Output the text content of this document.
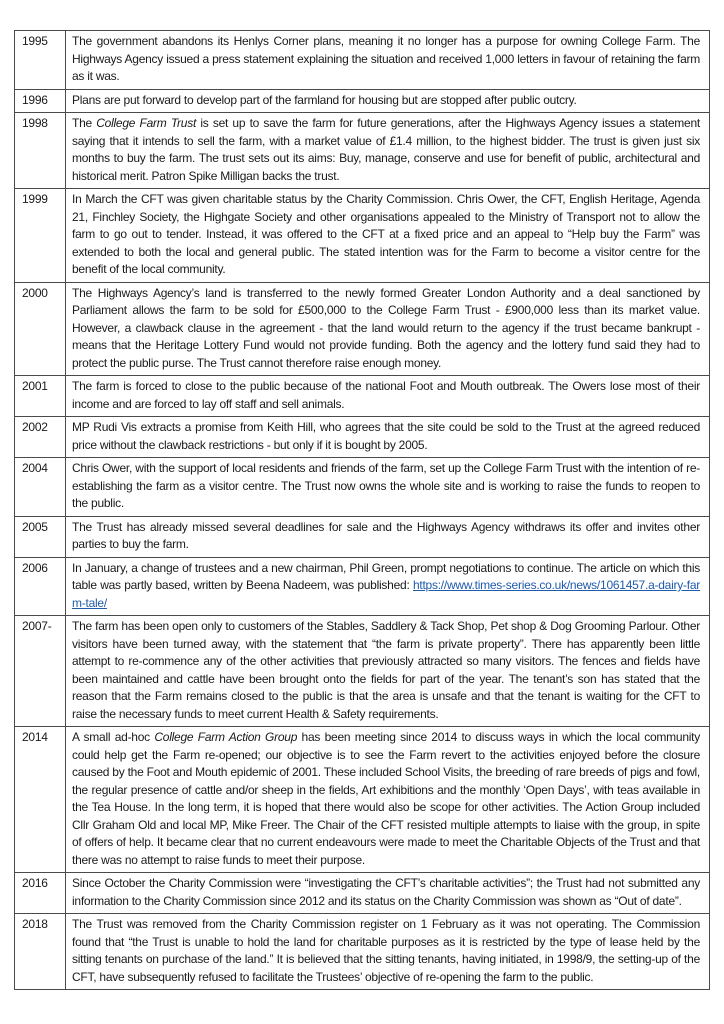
1995	The government abandons its Henlys Corner plans, meaning it no longer has a purpose for owning College Farm. The Highways Agency issued a press statement explaining the situation and received 1,000 letters in favour of retaining the farm as it was.
1996	Plans are put forward to develop part of the farmland for housing but are stopped after public outcry.
1998	The College Farm Trust is set up to save the farm for future generations, after the Highways Agency issues a statement saying that it intends to sell the farm, with a market value of £1.4 million, to the highest bidder. The trust is given just six months to buy the farm. The trust sets out its aims: Buy, manage, conserve and use for benefit of public, architectural and historical merit. Patron Spike Milligan backs the trust.
1999	In March the CFT was given charitable status by the Charity Commission. Chris Ower, the CFT, English Heritage, Agenda 21, Finchley Society, the Highgate Society and other organisations appealed to the Ministry of Transport not to allow the farm to go out to tender. Instead, it was offered to the CFT at a fixed price and an appeal to “Help buy the Farm” was extended to both the local and general public. The stated intention was for the Farm to become a visitor centre for the benefit of the local community.
2000	The Highways Agency’s land is transferred to the newly formed Greater London Authority and a deal sanctioned by Parliament allows the farm to be sold for £500,000 to the College Farm Trust - £900,000 less than its market value. However, a clawback clause in the agreement - that the land would return to the agency if the trust became bankrupt - means that the Heritage Lottery Fund would not provide funding. Both the agency and the lottery fund said they had to protect the public purse. The Trust cannot therefore raise enough money.
2001	The farm is forced to close to the public because of the national Foot and Mouth outbreak. The Owers lose most of their income and are forced to lay off staff and sell animals.
2002	MP Rudi Vis extracts a promise from Keith Hill, who agrees that the site could be sold to the Trust at the agreed reduced price without the clawback restrictions - but only if it is bought by 2005.
2004	Chris Ower, with the support of local residents and friends of the farm, set up the College Farm Trust with the intention of re-establishing the farm as a visitor centre. The Trust now owns the whole site and is working to raise the funds to reopen to the public.
2005	The Trust has already missed several deadlines for sale and the Highways Agency withdraws its offer and invites other parties to buy the farm.
2006	In January, a change of trustees and a new chairman, Phil Green, prompt negotiations to continue. The article on which this table was partly based, written by Beena Nadeem, was published: https://www.times-series.co.uk/news/1061457.a-dairy-farm-tale/
2007-	The farm has been open only to customers of the Stables, Saddlery & Tack Shop, Pet shop & Dog Grooming Parlour. Other visitors have been turned away, with the statement that “the farm is private property”. There has apparently been little attempt to re-commence any of the other activities that previously attracted so many visitors. The fences and fields have been maintained and cattle have been brought onto the fields for part of the year. The tenant’s son has stated that the reason that the Farm remains closed to the public is that the area is unsafe and that the tenant is waiting for the CFT to raise the necessary funds to meet current Health & Safety requirements.
2014	A small ad-hoc College Farm Action Group has been meeting since 2014 to discuss ways in which the local community could help get the Farm re-opened; our objective is to see the Farm revert to the activities enjoyed before the closure caused by the Foot and Mouth epidemic of 2001. These included School Visits, the breeding of rare breeds of pigs and fowl, the regular presence of cattle and/or sheep in the fields, Art exhibitions and the monthly ‘Open Days’, with teas available in the Tea House. In the long term, it is hoped that there would also be scope for other activities. The Action Group included Cllr Graham Old and local MP, Mike Freer. The Chair of the CFT resisted multiple attempts to liaise with the group, in spite of offers of help. It became clear that no current endeavours were made to meet the Charitable Objects of the Trust and that there was no attempt to raise funds to meet their purpose.
2016	Since October the Charity Commission were “investigating the CFT’s charitable activities”; the Trust had not submitted any information to the Charity Commission since 2012 and its status on the Charity Commission was shown as “Out of date”.
2018	The Trust was removed from the Charity Commission register on 1 February as it was not operating. The Commission found that “the Trust is unable to hold the land for charitable purposes as it is restricted by the type of lease held by the sitting tenants on purchase of the land.” It is believed that the sitting tenants, having initiated, in 1998/9, the setting-up of the CFT, have subsequently refused to facilitate the Trustees’ objective of re-opening the farm to the public.
